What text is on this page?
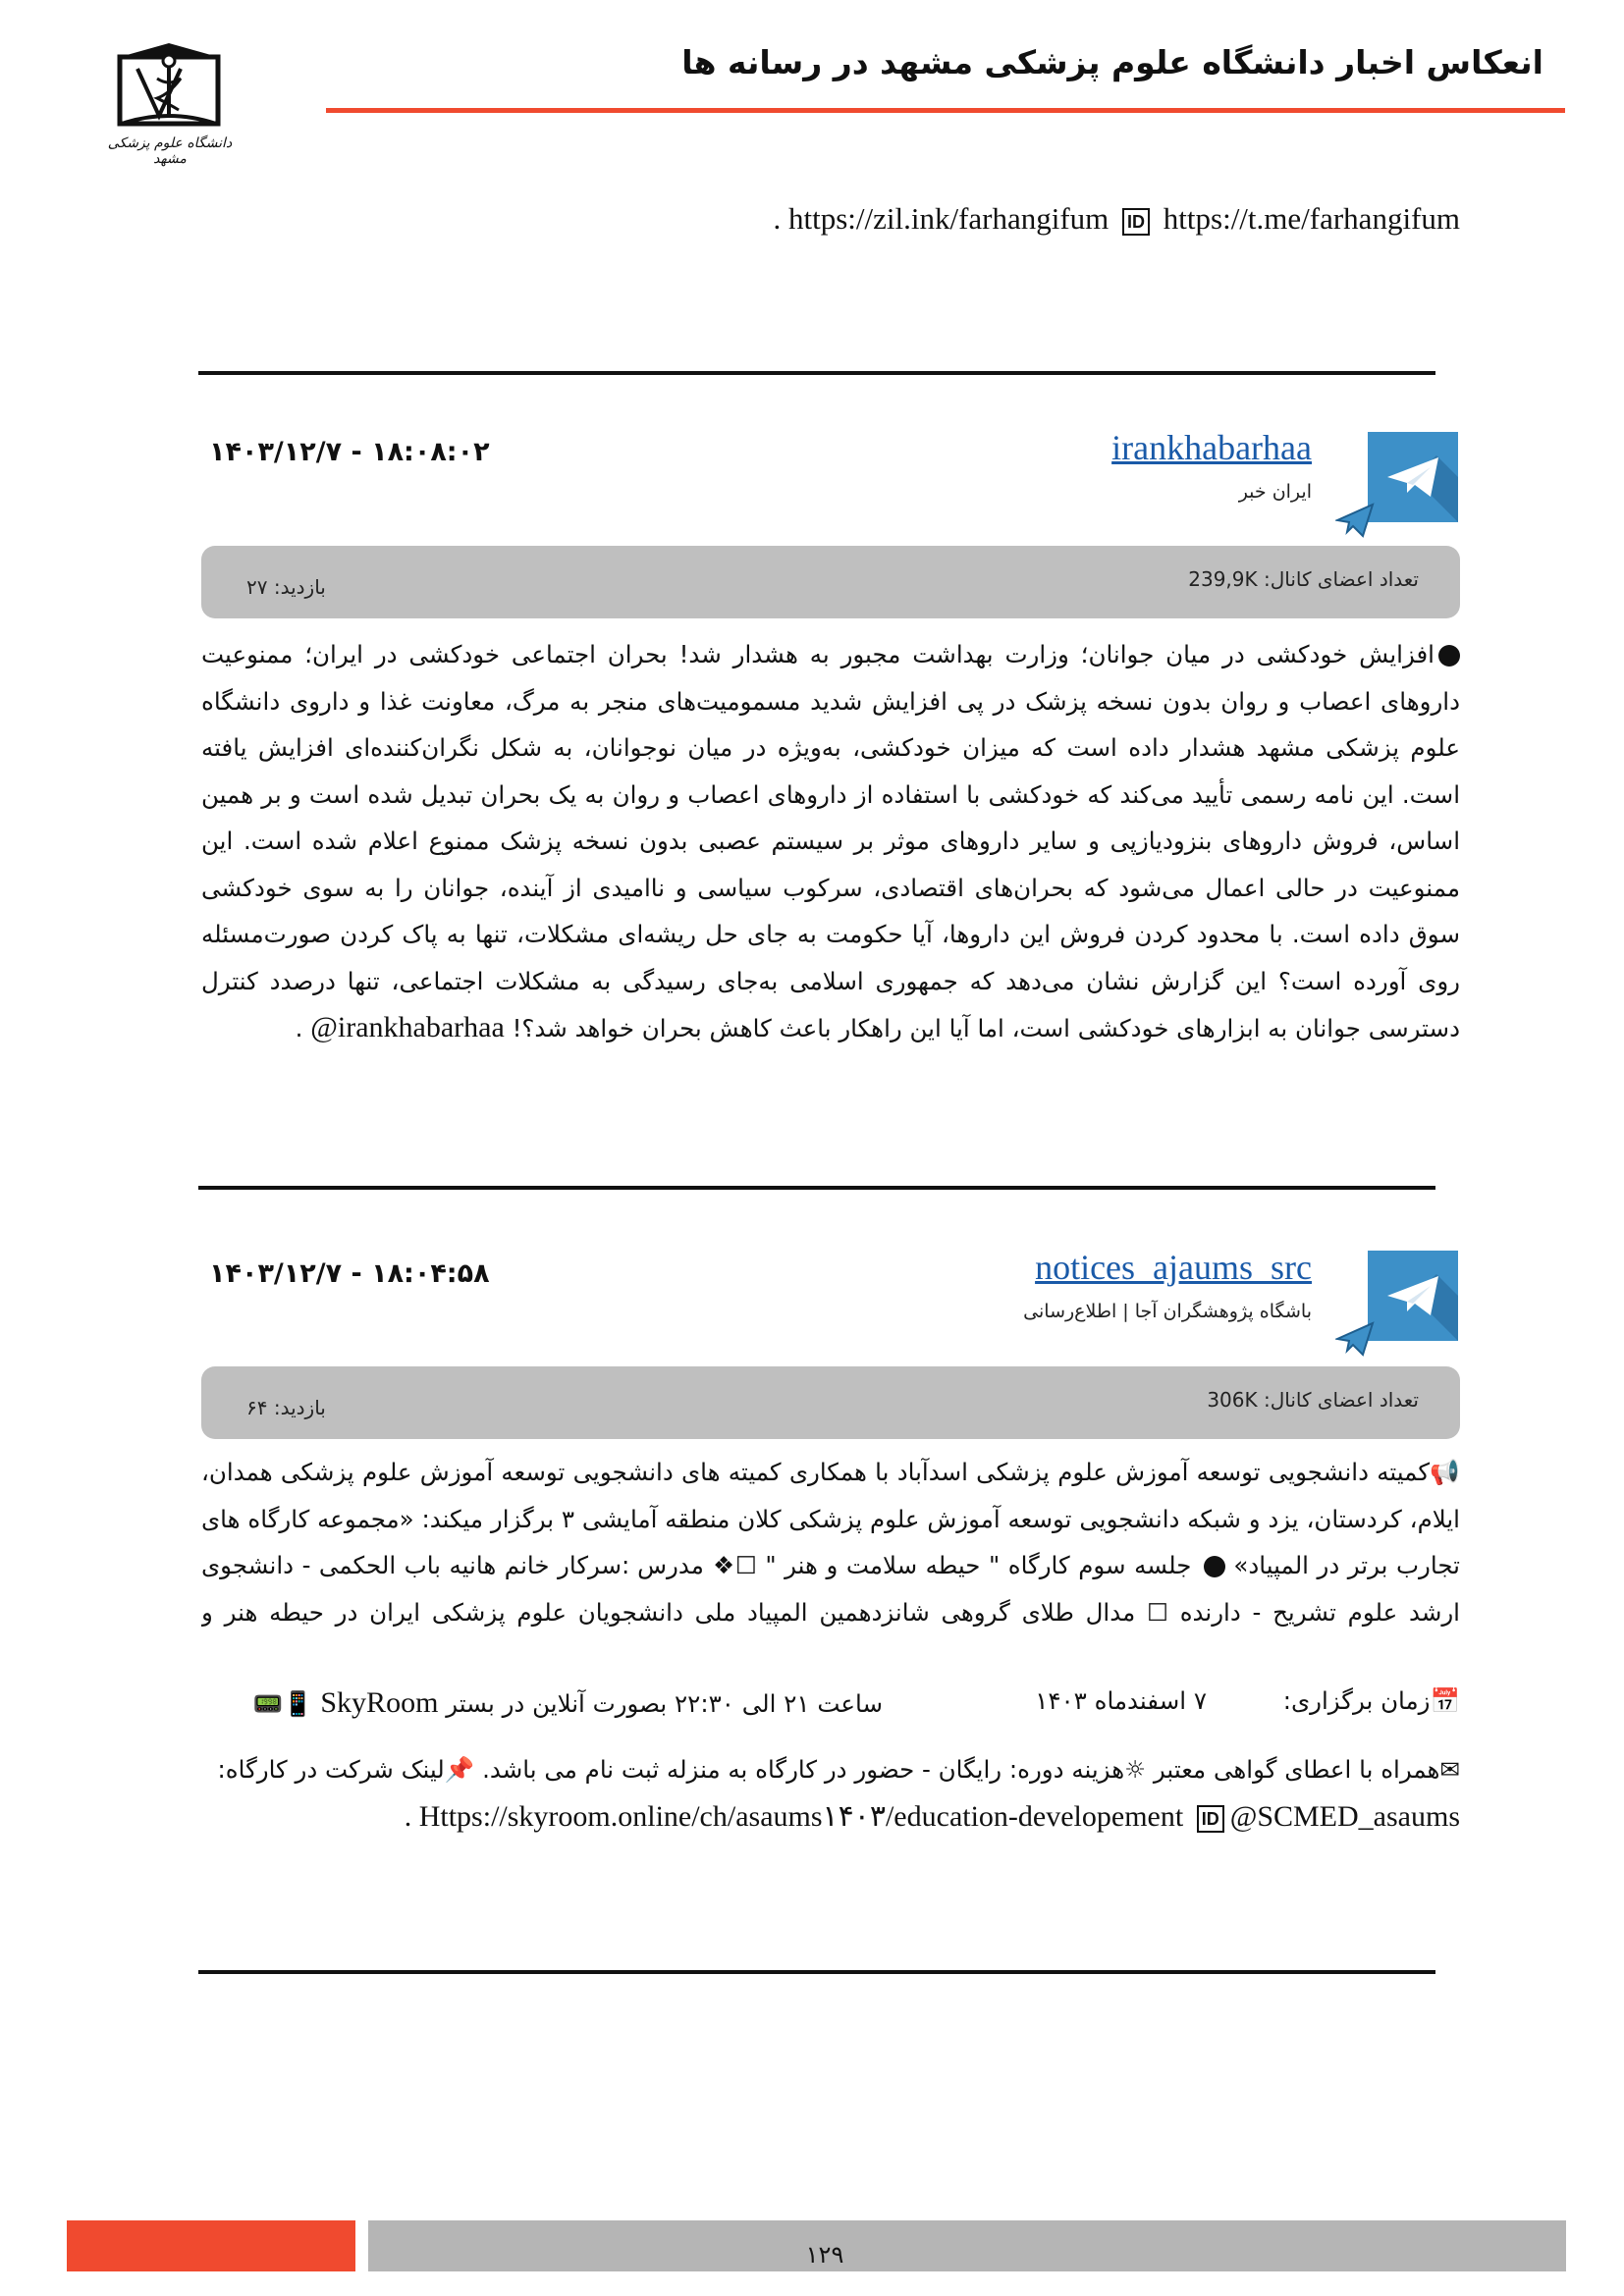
دانشگاه علوم پزشکی مشهد
انعکاس اخبار دانشگاه علوم پزشکی مشهد در رسانه ها
. https://zil.ink/farhangifum ID https://t.me/farhangifum
irankhabarhaa
ایران خبر
۱۴۰۳/۱۲/۷ - ۱۸:۰۸:۰۲
تعداد اعضای کانال: 239,9K
بازدید: ۲۷
افزایش خودکشی در میان جوانان؛ وزارت بهداشت مجبور به هشدار شد! بحران اجتماعی خودکشی در ایران؛ ممنوعیت داروهای اعصاب و روان بدون نسخه پزشک در پی افزایش شدید مسمومیت‌های منجر به مرگ، معاونت غذا و داروی دانشگاه علوم پزشکی مشهد هشدار داده است که میزان خودکشی، به‌ویژه در میان نوجوانان، به شکل نگران‌کننده‌ای افزایش یافته است. این نامه رسمی تأیید می‌کند که خودکشی با استفاده از داروهای اعصاب و روان به یک بحران تبدیل شده است و بر همین اساس، فروش داروهای بنزودیازپی و سایر داروهای موثر بر سیستم عصبی بدون نسخه پزشک ممنوع اعلام شده است. این ممنوعیت در حالی اعمال می‌شود که بحران‌های اقتصادی، سرکوب سیاسی و ناامیدی از آینده، جوانان را به سوی خودکشی سوق داده است. با محدود کردن فروش این داروها، آیا حکومت به جای حل ریشه‌ای مشکلات، تنها به پاک کردن صورت‌مسئله روی آورده است؟ این گزارش نشان می‌دهد که جمهوری اسلامی به‌جای رسیدگی به مشکلات اجتماعی، تنها درصدد کنترل دسترسی جوانان به ابزارهای خودکشی است، اما آیا این راهکار باعث کاهش بحران خواهد شد؟! @irankhabarhaa .
notices_ajaums_src
باشگاه پژوهشگران آجا | اطلاع‌رسانی
۱۴۰۳/۱۲/۷ - ۱۸:۰۴:۵۸
تعداد اعضای کانال: 306K
بازدید: ۶۴
📢کمیته دانشجویی توسعه آموزش علوم پزشکی اسدآباد با همکاری کمیته های دانشجویی توسعه آموزش علوم پزشکی همدان، ایلام، کردستان، یزد و شبکه دانشجویی توسعه آموزش علوم پزشکی کلان منطقه آمایشی ۳ برگزار میکند: «مجموعه کارگاه های تجارب برتر در المپیاد»  جلسه سوم کارگاه " حیطه سلامت و هنر " ☐❖ مدرس :سرکار خانم هانیه باب الحکمی - دانشجوی ارشد علوم تشریح - دارنده ☐ مدال طلای گروهی شانزدهمین المپیاد ملی دانشجویان علوم پزشکی ایران در حیطه هنر و
📅زمان برگزاری:
۷ اسفندماه ۱۴۰۳
ساعت ۲۱ الی ۲۲:۳۰ بصورت آنلاین در بستر SkyRoom 📱📟
✉همراه با اعطای گواهی معتبر ☼هزینه دوره: رایگان - حضور در کارگاه به منزله ثبت نام می باشد. 📌لینک شرکت در کارگاه:
. Https://skyroom.online/ch/asaums۱۴۰۳/education-developement ID @SCMED_asaums
۱۲۹
